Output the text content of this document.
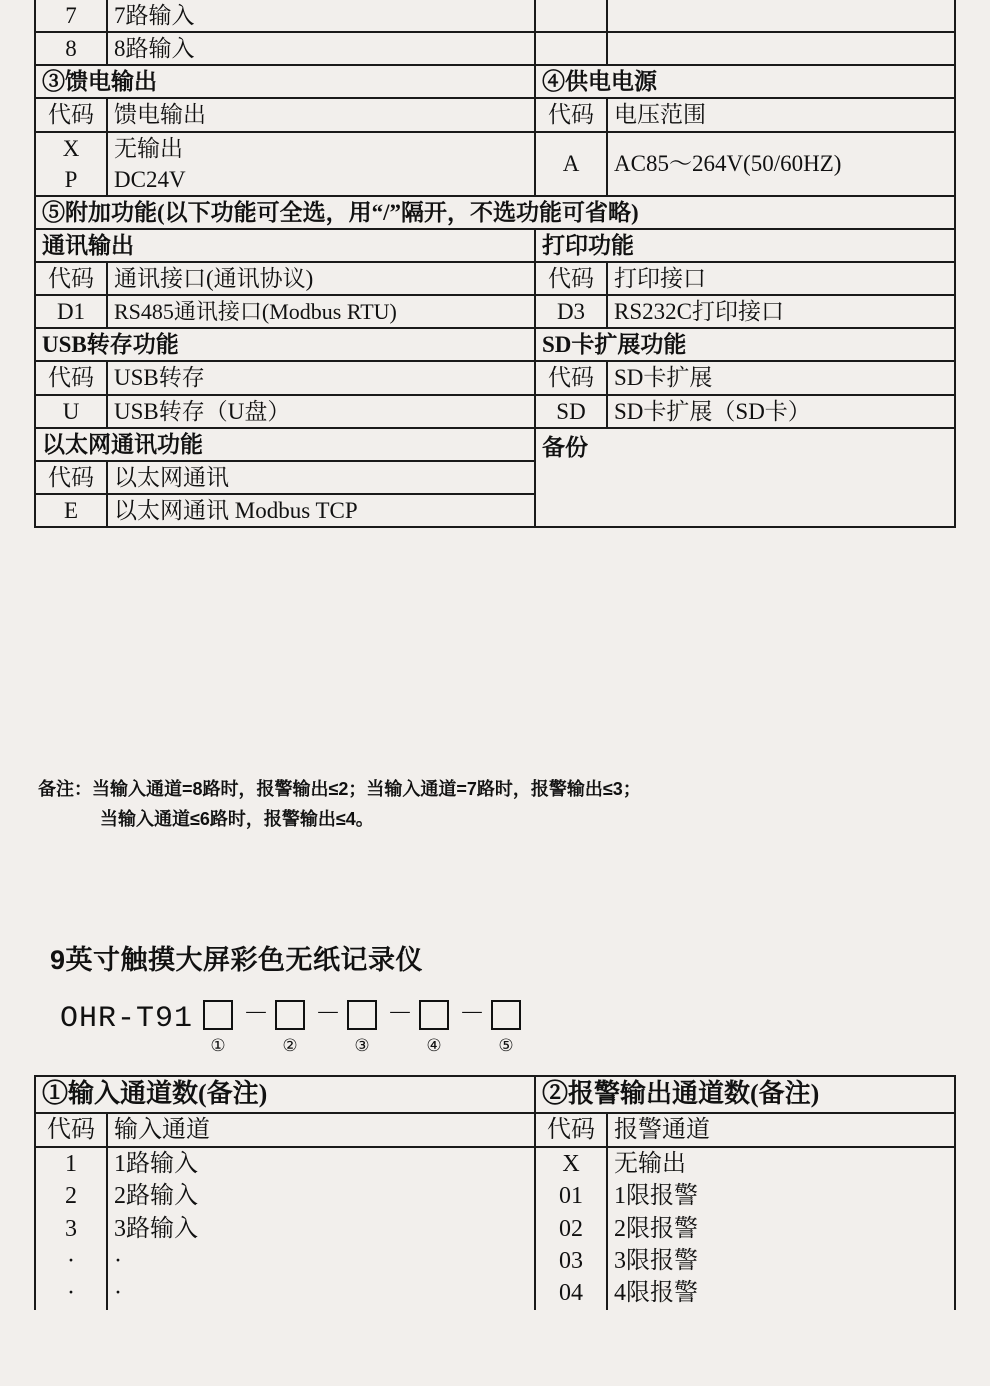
7	7路输入		
8	8路输入		
③馈电输出		④供电电源	
代码	馈电输出	代码	电压范围
X	无输出	A	AC85～264V(50/60HZ)
P	DC24V		
⑤附加功能(以下功能可全选，用“/”隔开，不选功能可省略)			
通讯输出		打印功能	
代码	通讯接口(通讯协议)	代码	打印接口
D1	RS485通讯接口(Modbus RTU)	D3	RS232C打印接口
USB转存功能		SD卡扩展功能	
代码	USB转存	代码	SD卡扩展
U	USB转存（U盘）	SD	SD卡扩展（SD卡）
以太网通讯功能		备份	
代码	以太网通讯		
E	以太网通讯 Modbus TCP		
备注：当输入通道=8路时，报警输出≤2；当输入通道=7路时，报警输出≤3；
当输入通道≤6路时，报警输出≤4。
9英寸触摸大屏彩色无纸记录仪
OHR-T91
①
－
②
－
③
－
④
－
⑤
①输入通道数(备注)		②报警输出通道数(备注)	
代码	输入通道	代码	报警通道
1	1路输入	X	无输出
2	2路输入	01	1限报警
3	3路输入	02	2限报警
·	·	03	3限报警
·	·	04	4限报警
